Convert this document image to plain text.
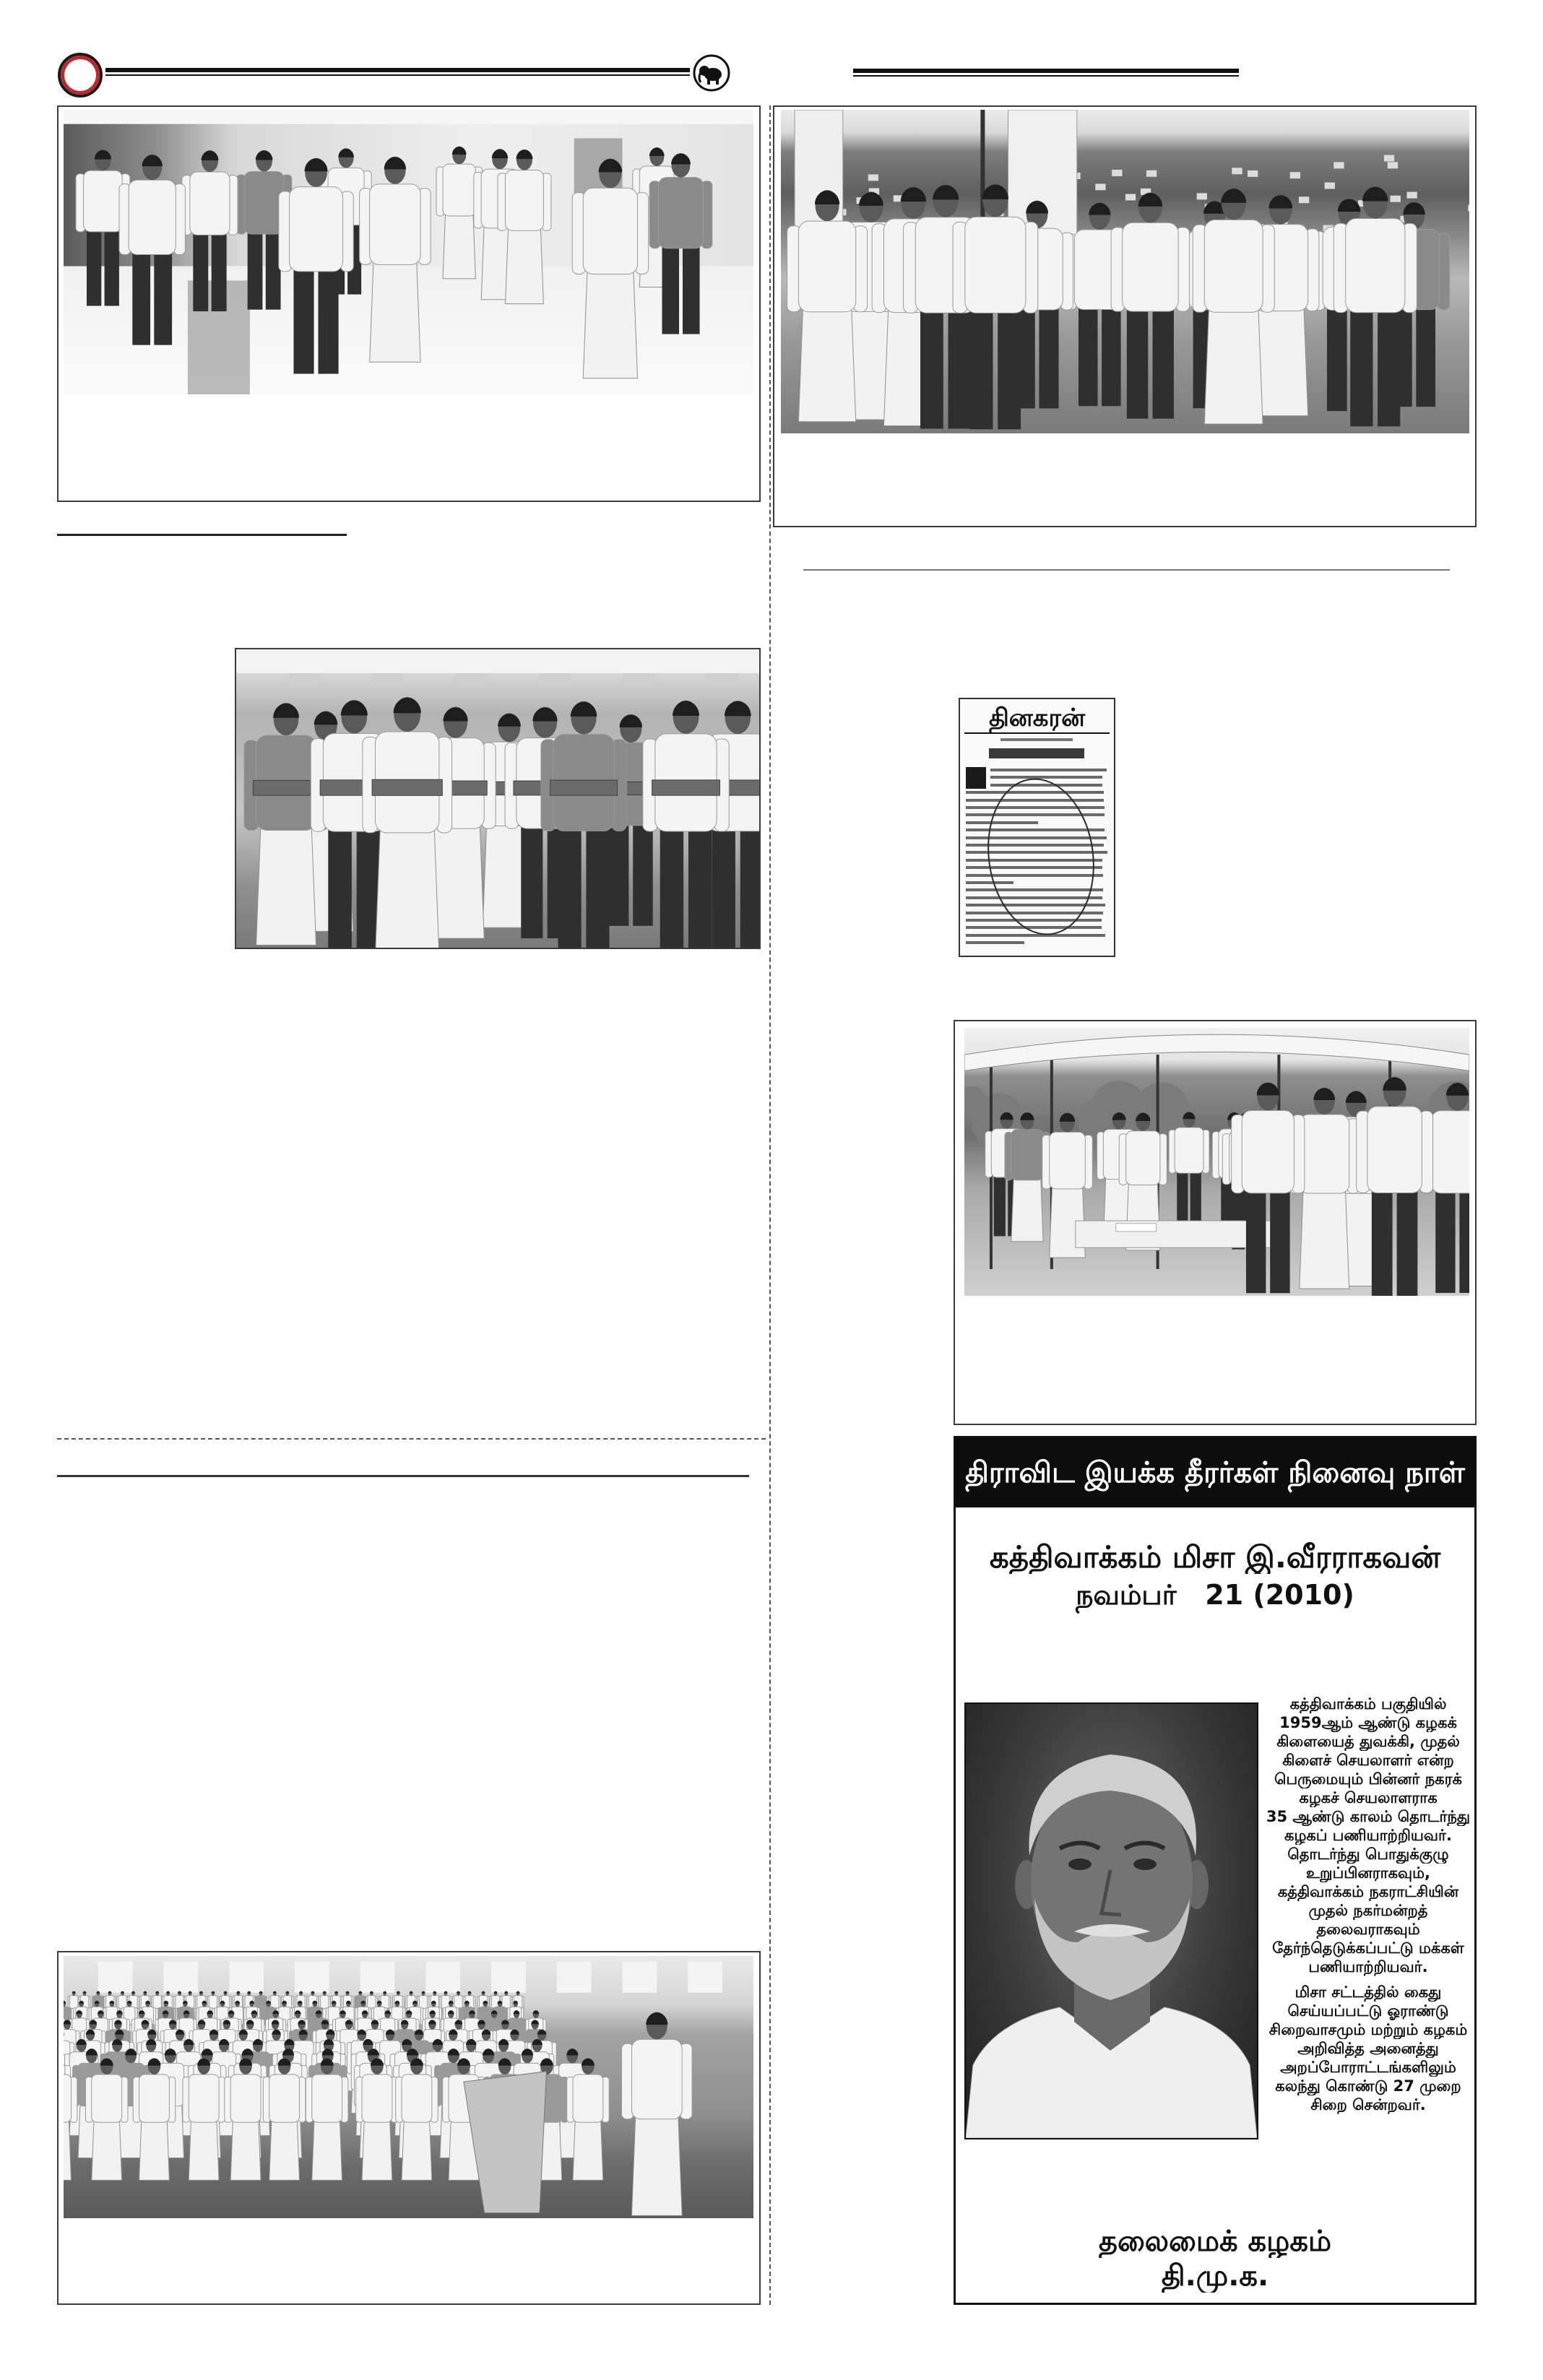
தினகரன்
திராவிட இயக்க தீரர்கள் நினைவு நாள்
கத்திவாக்கம் மிசா இ.வீரராகவன்
நவம்பர்   21 (2010)
கத்திவாக்கம் பகுதியில்
1959ஆம் ஆண்டு கழகக்
கிளையைத் துவக்கி, முதல்
கிளைச் செயலாளர் என்ற
பெருமையும் பின்னர் நகரக்
கழகச் செயலாளராக
35 ஆண்டு காலம் தொடர்ந்து
கழகப் பணியாற்றியவர்.
தொடர்ந்து பொதுக்குழு
உறுப்பினராகவும்,
கத்திவாக்கம் நகராட்சியின்
முதல் நகர்மன்றத்
தலைவராகவும்
தேர்ந்தெடுக்கப்பட்டு மக்கள்
பணியாற்றியவர்.
மிசா சட்டத்தில் கைது
செய்யப்பட்டு ஓராண்டு
சிறைவாசமும் மற்றும் கழகம்
அறிவித்த அனைத்து
அறப்போராட்டங்களிலும்
கலந்து கொண்டு 27 முறை
சிறை சென்றவர்.
தலைமைக் கழகம்
தி.மு.க.
